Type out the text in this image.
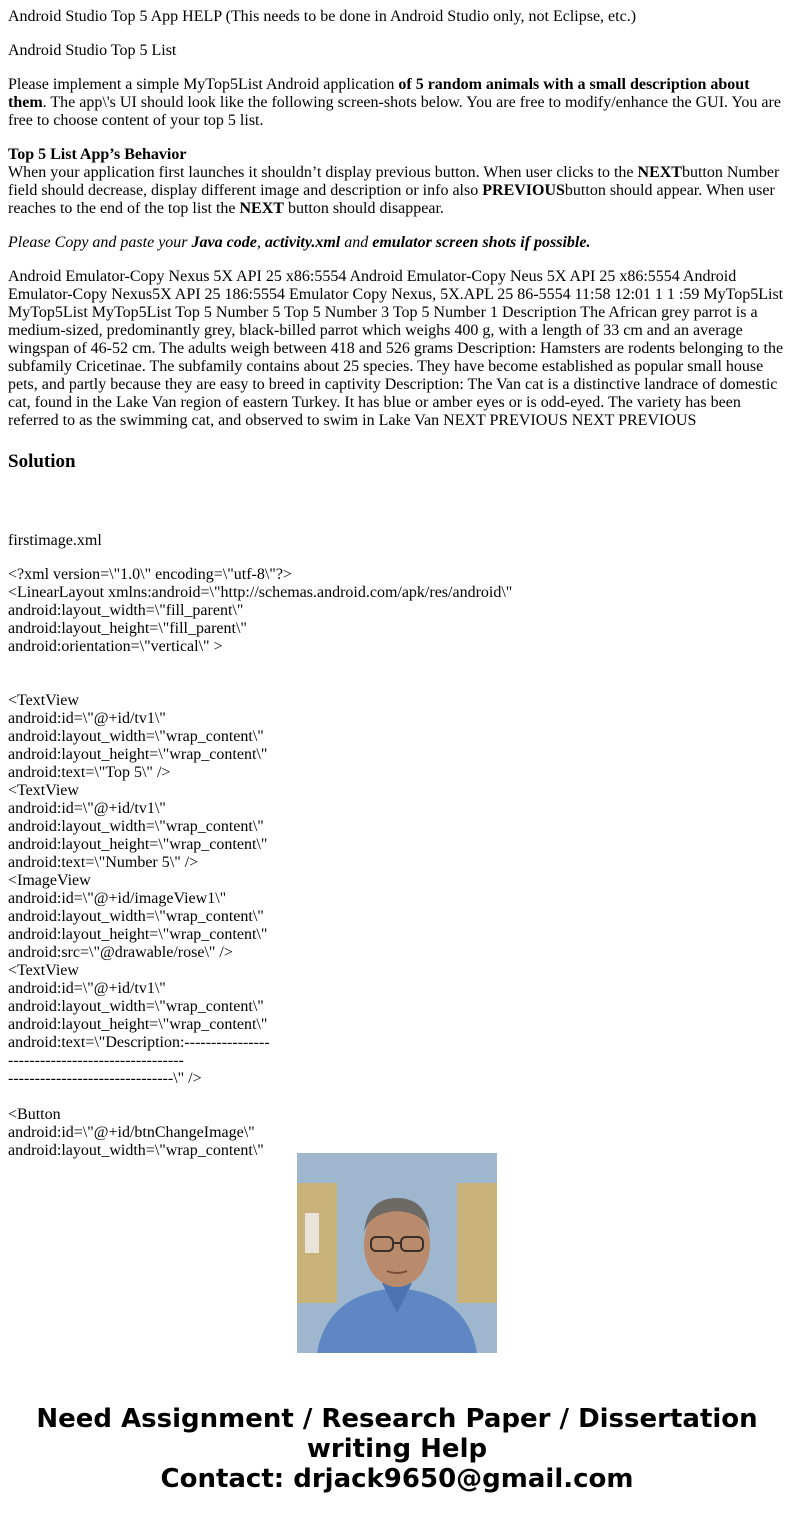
Android Studio Top 5 App HELP (This needs to be done in Android Studio only, not Eclipse, etc.)

Android Studio Top 5 List

Please implement a simple MyTop5List Android application of 5 random animals with a small description about them. The app\'s UI should look like the following screen-shots below. You are free to modify/enhance the GUI. You are free to choose content of your top 5 list.

Top 5 List App’s Behavior
When your application first launches it shouldn’t display previous button. When user clicks to the NEXTbutton Number field should decrease, display different image and description or info also PREVIOUSbutton should appear. When user reaches to the end of the top list the NEXT button should disappear.

Please Copy and paste your Java code, activity.xml and emulator screen shots if possible.

Android Emulator-Copy Nexus 5X API 25 x86:5554 Android Emulator-Copy Neus 5X API 25 x86:5554 Android Emulator-Copy Nexus5X API 25 186:5554 Emulator Copy Nexus, 5X.APL 25 86-5554 11:58 12:01 1 1 :59 MyTop5List MyTop5List MyTop5List Top 5 Number 5 Top 5 Number 3 Top 5 Number 1 Description The African grey parrot is a medium-sized, predominantly grey, black-billed parrot which weighs 400 g, with a length of 33 cm and an average wingspan of 46-52 cm. The adults weigh between 418 and 526 grams Description: Hamsters are rodents belonging to the subfamily Cricetinae. The subfamily contains about 25 species. They have become established as popular small house pets, and partly because they are easy to breed in captivity Description: The Van cat is a distinctive landrace of domestic cat, found in the Lake Van region of eastern Turkey. It has blue or amber eyes or is odd-eyed. The variety has been referred to as the swimming cat, and observed to swim in Lake Van NEXT PREVIOUS NEXT PREVIOUS

Solution

firstimage.xml

<?xml version=\"1.0\" encoding=\"utf-8\"?>
<LinearLayout xmlns:android=\"http://schemas.android.com/apk/res/android\"
android:layout_width=\"fill_parent\"
android:layout_height=\"fill_parent\"
android:orientation=\"vertical\" >
<TextView
android:id=\"@+id/tv1\"
android:layout_width=\"wrap_content\"
android:layout_height=\"wrap_content\"
android:text=\"Top 5\" />
<TextView
android:id=\"@+id/tv1\"
android:layout_width=\"wrap_content\"
android:layout_height=\"wrap_content\"
android:text=\"Number 5\" />
<ImageView
android:id=\"@+id/imageView1\"
android:layout_width=\"wrap_content\"
android:layout_height=\"wrap_content\"
android:src=\"@drawable/rose\" />
<TextView
android:id=\"@+id/tv1\"
android:layout_width=\"wrap_content\"
android:layout_height=\"wrap_content\"
android:text=\"Description:----------------
---------------------------------
-------------------------------\" />
<Button
android:id=\"@+id/btnChangeImage\"
android:layout_width=\"wrap_content\"
Need Assignment / Research Paper / Dissertation
writing Help
Contact: drjack9650@gmail.com
